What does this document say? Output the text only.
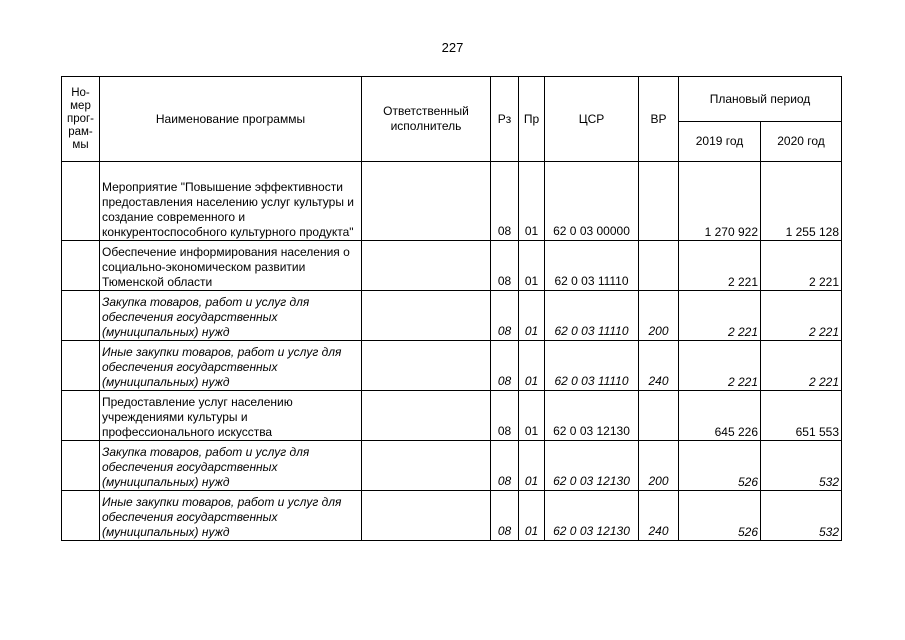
227
Но-
мер
прог-
рам-
мы	Наименование программы	Ответственный исполнитель	Рз	Пр	ЦСР	ВР	Плановый период	
							2019 год	2020 год
	Мероприятие "Повышение эффективности предоставления населению услуг культуры и создание современного и конкурентоспособного культурного продукта"		08	01	62 0 03 00000		1 270 922	1 255 128
	Обеспечение информирования населения о социально-экономическом развитии Тюменской области		08	01	62 0 03 11110		2 221	2 221
	Закупка товаров, работ и услуг для обеспечения государственных (муниципальных) нужд		08	01	62 0 03 11110	200	2 221	2 221
	Иные закупки товаров, работ и услуг для обеспечения государственных (муниципальных) нужд		08	01	62 0 03 11110	240	2 221	2 221
	Предоставление услуг населению учреждениями культуры и профессионального искусства		08	01	62 0 03 12130		645 226	651 553
	Закупка товаров, работ и услуг для обеспечения государственных (муниципальных) нужд		08	01	62 0 03 12130	200	526	532
	Иные закупки товаров, работ и услуг для обеспечения государственных (муниципальных) нужд		08	01	62 0 03 12130	240	526	532
